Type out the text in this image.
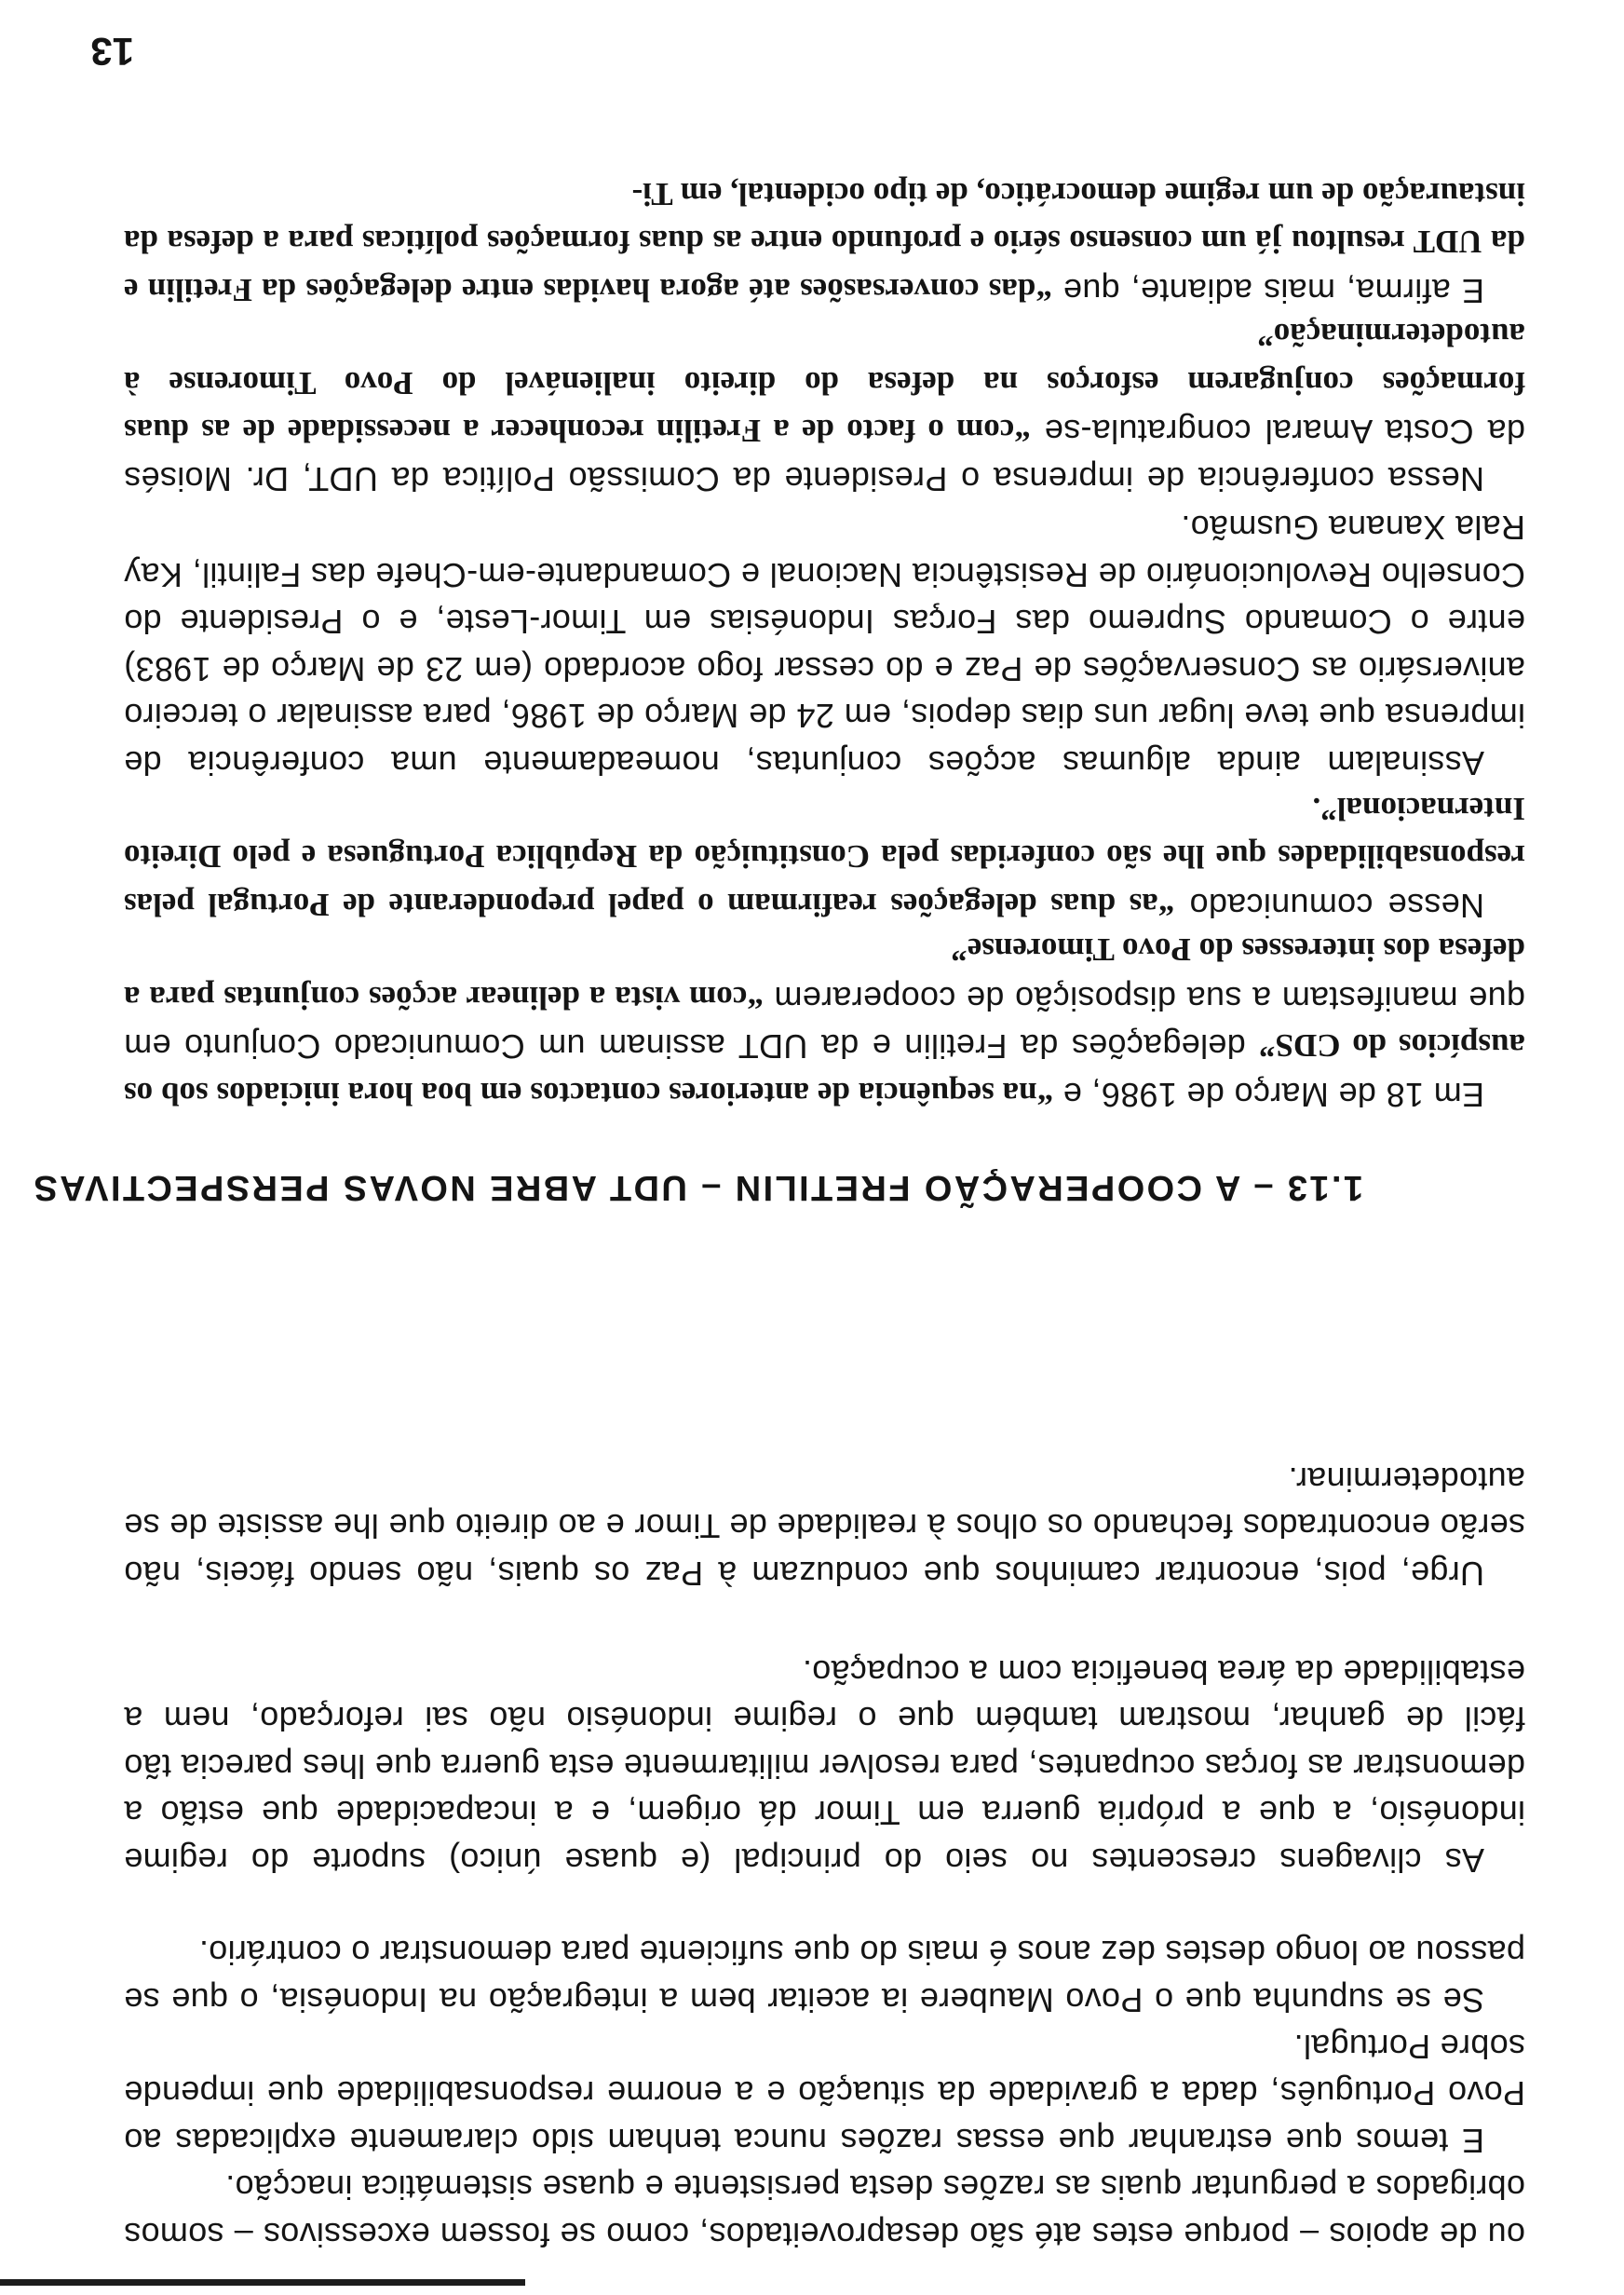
ou de apoios – porque estes até são desaproveitados, como se fossem excessivos – somos obrigados a perguntar quais as razões desta persistente e quase sistemática inacção.
E temos que estranhar que essas razões nunca tenham sido claramente explicadas ao Povo Português, dada a gravidade da situação e a enorme responsabilidade que impende sobre Portugal.
Se se supunha que o Povo Maubere ia aceitar bem a integração na Indonésia, o que se passou ao longo destes dez anos é mais do que suficiente para demonstrar o contrário.
As clivagens crescentes no seio do principal (e quase único) suporte do regime indonésio, a que a própria guerra em Timor dá origem, e a incapacidade que estão a demonstrar as forças ocupantes, para resolver militarmente esta guerra que lhes parecia tão fácil de ganhar, mostram também que o regime indonésio não sai reforçado, nem a estabilidade da área beneficia com a ocupação.
Urge, pois, encontrar caminhos que conduzam à Paz os quais, não sendo fáceis, não serão encontrados fechando os olhos à realidade de Timor e ao direito que lhe assiste de se autodeterminar.
1.13 – A COOPERAÇÃO FRETILIN – UDT ABRE NOVAS PERSPECTIVAS
Em 18 de Março de 1986, e “na sequência de anteriores contactos em boa hora iniciados sob os auspícios do CDS” delegações da Fretilin e da UDT assinam um Comunicado Conjunto em que manifestam a sua disposição de cooperarem “com vista a delinear acções conjuntas para a defesa dos interesses do Povo Timorense”
Nesse comunicado “as duas delegações reafirmam o papel preponderante de Portugal pelas responsabilidades que lhe são conferidas pela Constituição da República Portuguesa e pelo Direito Internacional”.
Assinalam ainda algumas acções conjuntas, nomeadamente uma conferência de imprensa que teve lugar uns dias depois, em 24 de Março de 1986, para assinalar o terceiro aniversário as Conservações de Paz e do cessar fogo acordado (em 23 de Março de 1983) entre o Comando Supremo das Forças Indonésias em Timor-Leste, e o Presidente do Conselho Revolucionário de Resistência Nacional e Comandante-em-Chefe das Falintil, Kay Rala Xanana Gusmão.
Nessa conferência de imprensa o Presidente da Comissão Política da UDT, Dr. Moisés da Costa Amaral congratula-se “com o facto de a Fretilin reconhecer a necessidade de as duas formações conjugarem esforços na defesa do direito inalienável do Povo Timorense à autodeterminação”
E afirma, mais adiante, que “das conversasões até agora havidas entre delegações da Fretilin e da UDT resultou já um consenso sério e profundo entre as duas formações políticas para a defesa da instauração de um regime democrático, de tipo ocidental, em Ti-
13
